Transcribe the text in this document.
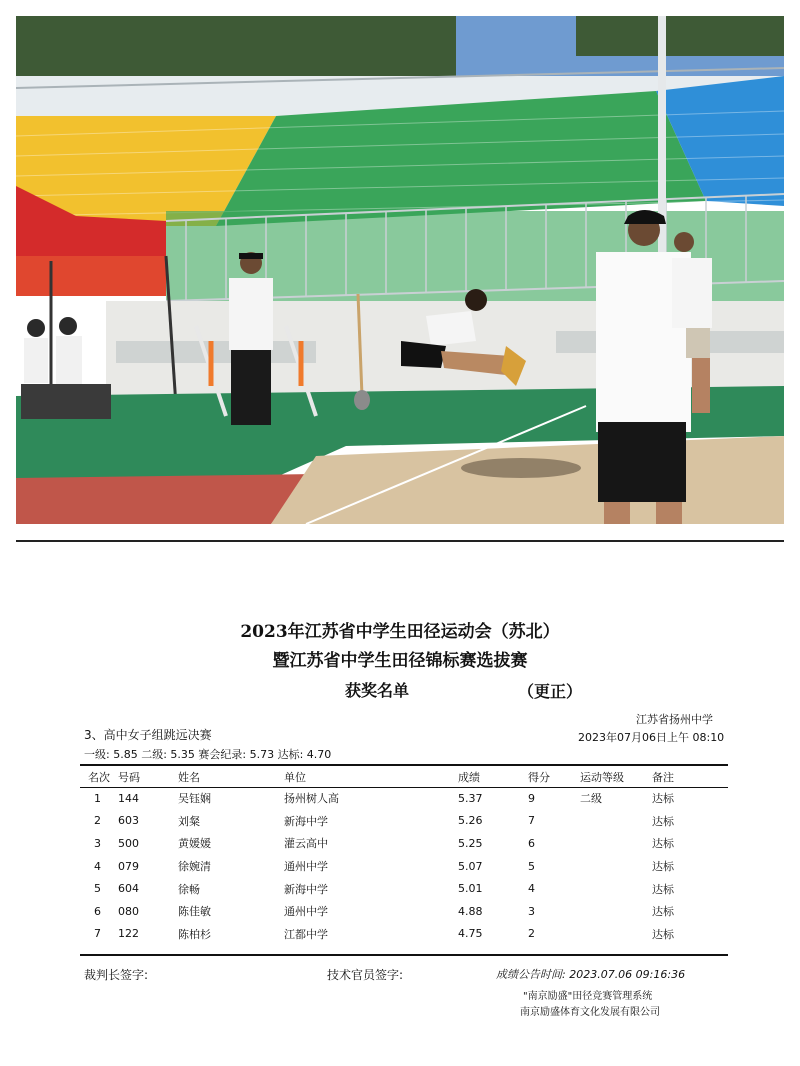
2023年江苏省中学生田径运动会（苏北）
暨江苏省中学生田径锦标赛选拔赛
获奖名单	（更正）
江苏省扬州中学
3、高中女子组跳远决赛	2023年07月06日上午 08:10
一级: 5.85 二级: 5.35 赛会纪录: 5.73 达标: 4.70
名次	号码	姓名	单位	成绩	得分	运动等级	备注
1	144	吴钰娴	扬州树人高	5.37	9	二级	达标
2	603	刘粲	新海中学	5.26	7		达标
3	500	黄媛媛	灌云高中	5.25	6		达标
4	079	徐婉清	通州中学	5.07	5		达标
5	604	徐畅	新海中学	5.01	4		达标
6	080	陈佳敏	通州中学	4.88	3		达标
7	122	陈柏杉	江都中学	4.75	2		达标
裁判长签字:	技术官员签字:	成绩公告时间: 2023.07.06 09:16:36
"南京励盛"田径竞赛管理系统
南京励盛体育文化发展有限公司
